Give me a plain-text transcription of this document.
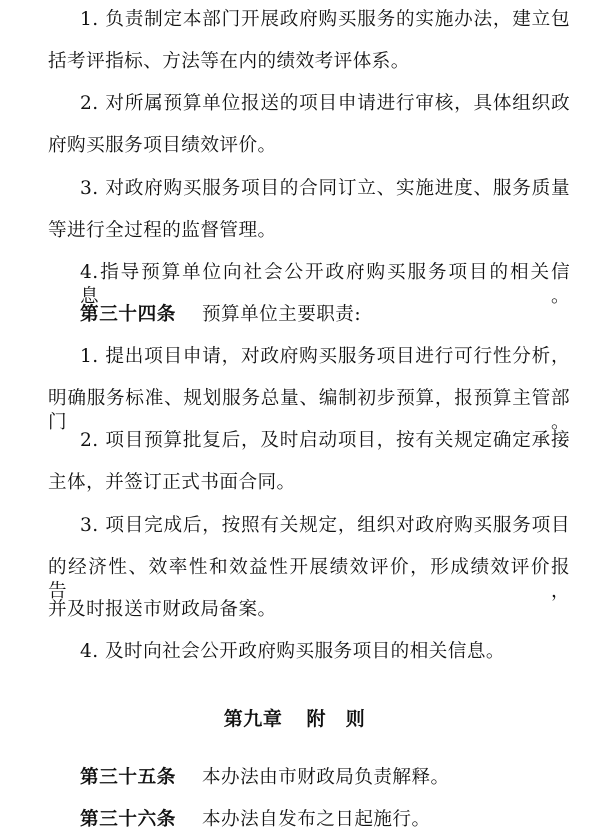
1. 负责制定本部门开展政府购买服务的实施办法，建立包
括考评指标、方法等在内的绩效考评体系。
2. 对所属预算单位报送的项目申请进行审核，具体组织政
府购买服务项目绩效评价。
3. 对政府购买服务项目的合同订立、实施进度、服务质量
等进行全过程的监督管理。
4.指导预算单位向社会公开政府购买服务项目的相关信息。
第三十四条 预算单位主要职责:
1. 提出项目申请，对政府购买服务项目进行可行性分析，
明确服务标准、规划服务总量、编制初步预算，报预算主管部门。
2. 项目预算批复后，及时启动项目，按有关规定确定承接
主体，并签订正式书面合同。
3. 项目完成后，按照有关规定，组织对政府购买服务项目
的经济性、效率性和效益性开展绩效评价，形成绩效评价报告，
并及时报送市财政局备案。
4. 及时向社会公开政府购买服务项目的相关信息。
第九章 附　则
第三十五条 本办法由市财政局负责解释。
第三十六条 本办法自发布之日起施行。
